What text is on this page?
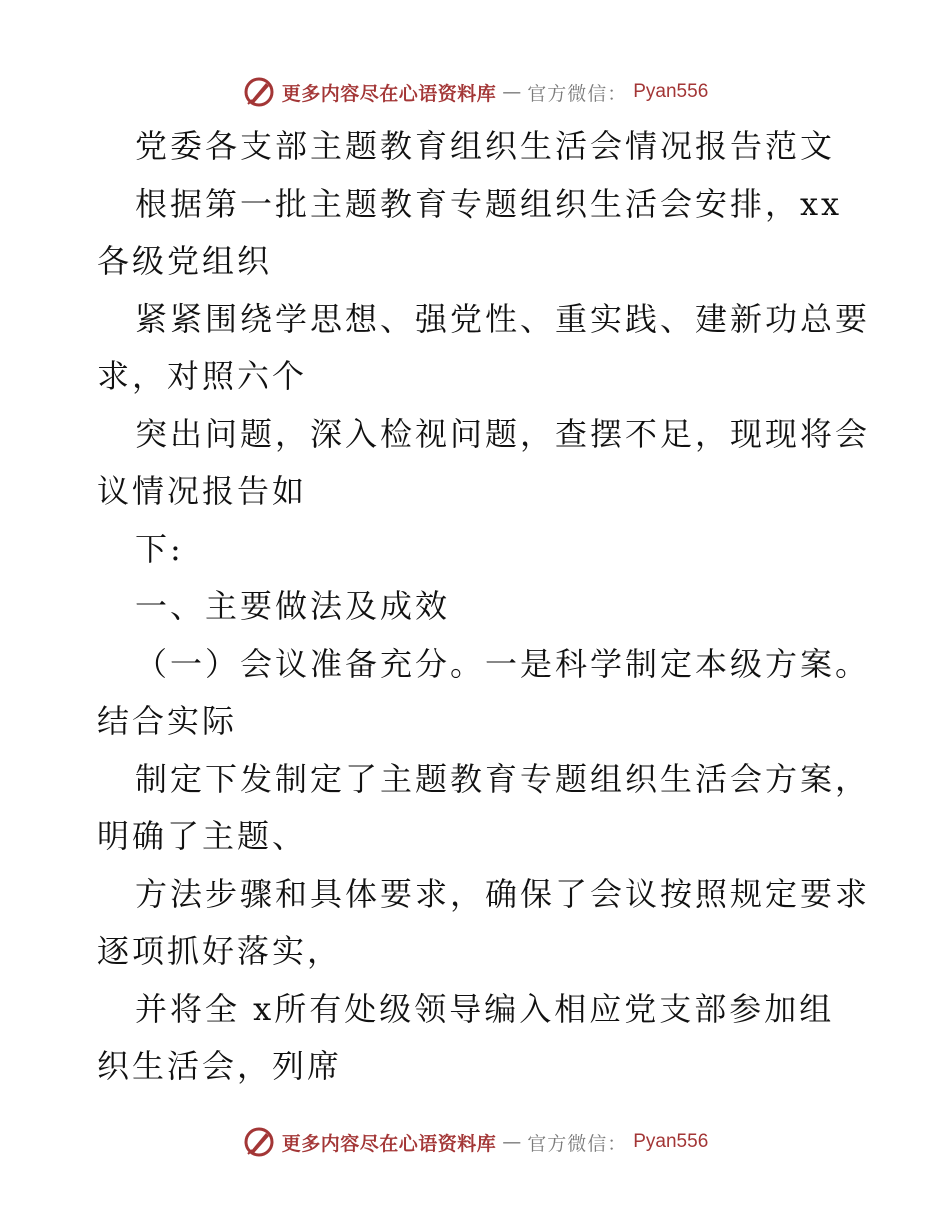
更多内容尽在心语资料库 — 官方微信： Pyan556
党委各支部主题教育组织生活会情况报告范文
根据第一批主题教育专题组织生活会安排，xx
各级党组织
紧紧围绕学思想、强党性、重实践、建新功总要
求，对照六个
突出问题，深入检视问题，查摆不足，现现将会
议情况报告如
下:
一、主要做法及成效
（一）会议准备充分。一是科学制定本级方案。
结合实际
制定下发制定了主题教育专题组织生活会方案，
明确了主题、
方法步骤和具体要求，确保了会议按照规定要求
逐项抓好落实，
并将全 x所有处级领导编入相应党支部参加组
织生活会，列席
更多内容尽在心语资料库 — 官方微信： Pyan556
